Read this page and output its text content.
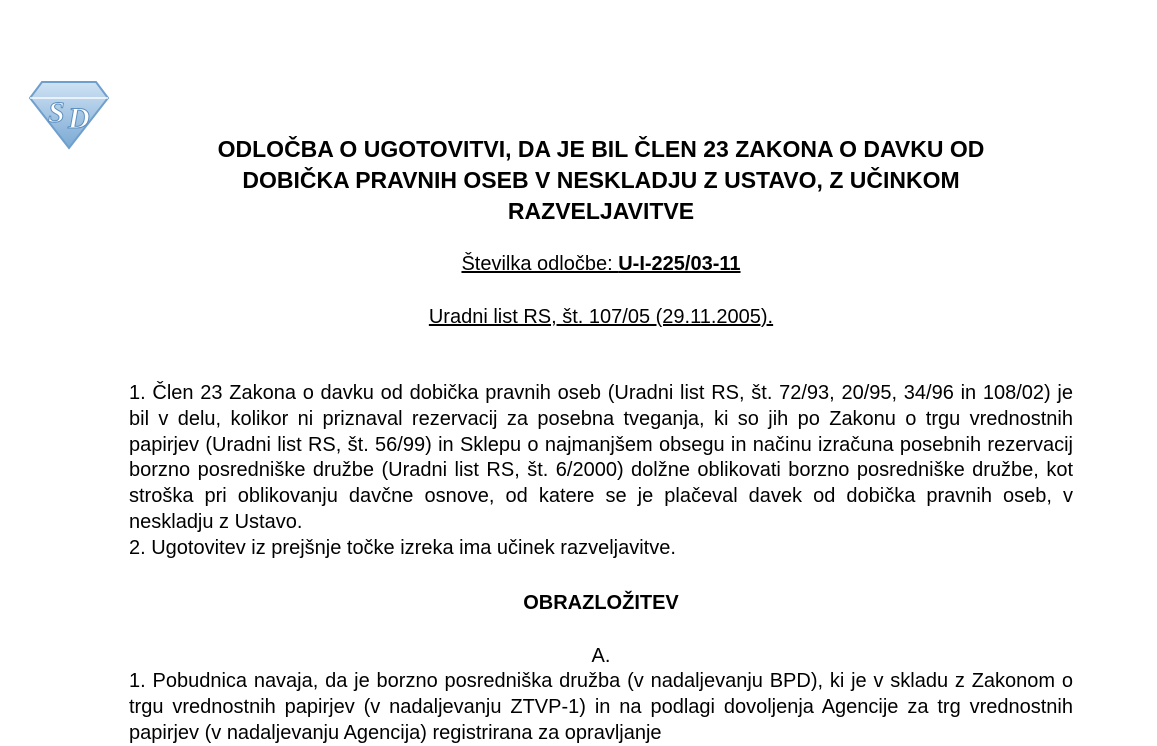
S D
ODLOČBA O UGOTOVITVI, DA JE BIL ČLEN 23 ZAKONA O DAVKU OD
DOBIČKA PRAVNIH OSEB V NESKLADJU Z USTAVO, Z UČINKOM
RAZVELJAVITVE
Številka odločbe: U-I-225/03-11
Uradni list RS, št. 107/05 (29.11.2005).

1. Člen 23 Zakona o davku od dobička pravnih oseb (Uradni list RS, št. 72/93, 20/95, 34/96 in 108/02) je bil v delu, kolikor ni priznaval rezervacij za posebna tveganja, ki so jih po Zakonu o trgu vrednostnih papirjev (Uradni list RS, št. 56/99) in Sklepu o najmanjšem obsegu in načinu izračuna posebnih rezervacij borzno posredniške družbe (Uradni list RS, št. 6/2000) dolžne oblikovati borzno posredniške družbe, kot stroška pri oblikovanju davčne osnove, od katere se je plačeval davek od dobička pravnih oseb, v neskladju z Ustavo.

2. Ugotovitev iz prejšnje točke izreka ima učinek razveljavitve.

OBRAZLOŽITEV
A.

1. Pobudnica navaja, da je borzno posredniška družba (v nadaljevanju BPD), ki je v skladu z Zakonom o trgu vrednostnih papirjev (v nadaljevanju ZTVP-1) in na podlagi dovoljenja Agencije za trg vrednostnih papirjev (v nadaljevanju Agencija) registrirana za opravljanje
